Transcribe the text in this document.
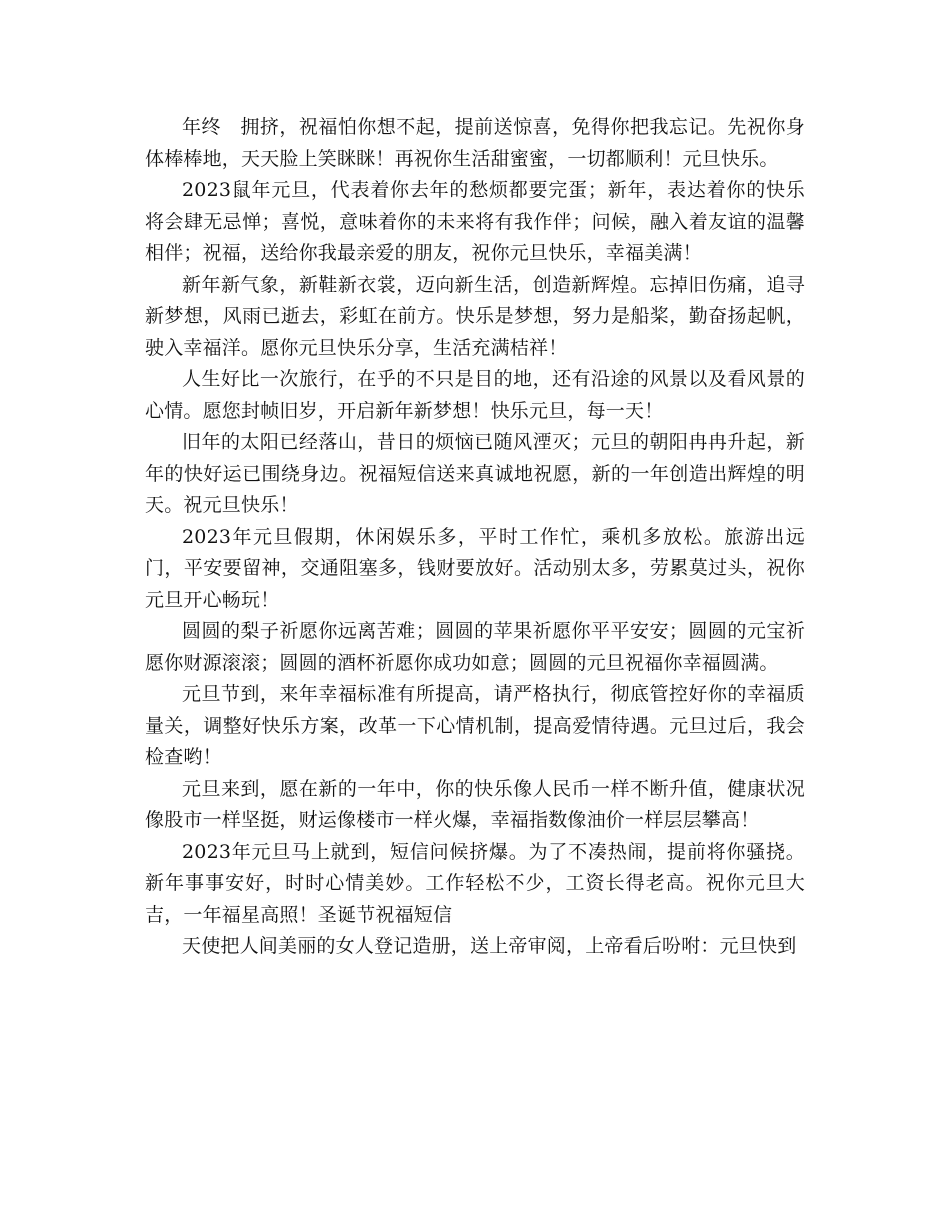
年终　拥挤，祝福怕你想不起，提前送惊喜，免得你把我忘记。先祝你身体棒棒地，天天脸上笑眯眯！再祝你生活甜蜜蜜，一切都顺利！元旦快乐。

2023鼠年元旦，代表着你去年的愁烦都要完蛋；新年，表达着你的快乐将会肆无忌惮；喜悦，意味着你的未来将有我作伴；问候，融入着友谊的温馨相伴；祝福，送给你我最亲爱的朋友，祝你元旦快乐，幸福美满！

新年新气象，新鞋新衣裳，迈向新生活，创造新辉煌。忘掉旧伤痛，追寻新梦想，风雨已逝去，彩虹在前方。快乐是梦想，努力是船桨，勤奋扬起帆，驶入幸福洋。愿你元旦快乐分享，生活充满桔祥！

人生好比一次旅行，在乎的不只是目的地，还有沿途的风景以及看风景的心情。愿您封帧旧岁，开启新年新梦想！快乐元旦，每一天！

旧年的太阳已经落山，昔日的烦恼已随风湮灭；元旦的朝阳冉冉升起，新年的快好运已围绕身边。祝福短信送来真诚地祝愿，新的一年创造出辉煌的明天。祝元旦快乐！

2023年元旦假期，休闲娱乐多，平时工作忙，乘机多放松。旅游出远门，平安要留神，交通阻塞多，钱财要放好。活动别太多，劳累莫过头，祝你元旦开心畅玩！

圆圆的梨子祈愿你远离苦难；圆圆的苹果祈愿你平平安安；圆圆的元宝祈愿你财源滚滚；圆圆的酒杯祈愿你成功如意；圆圆的元旦祝福你幸福圆满。

元旦节到，来年幸福标准有所提高，请严格执行，彻底管控好你的幸福质量关，调整好快乐方案，改革一下心情机制，提高爱情待遇。元旦过后，我会检查哟！

元旦来到，愿在新的一年中，你的快乐像人民币一样不断升值，健康状况像股市一样坚挺，财运像楼市一样火爆，幸福指数像油价一样层层攀高！

2023年元旦马上就到，短信问候挤爆。为了不凑热闹，提前将你骚挠。新年事事安好，时时心情美妙。工作轻松不少，工资长得老高。祝你元旦大吉，一年福星高照！圣诞节祝福短信

天使把人间美丽的女人登记造册，送上帝审阅，上帝看后吩咐：元旦快到
